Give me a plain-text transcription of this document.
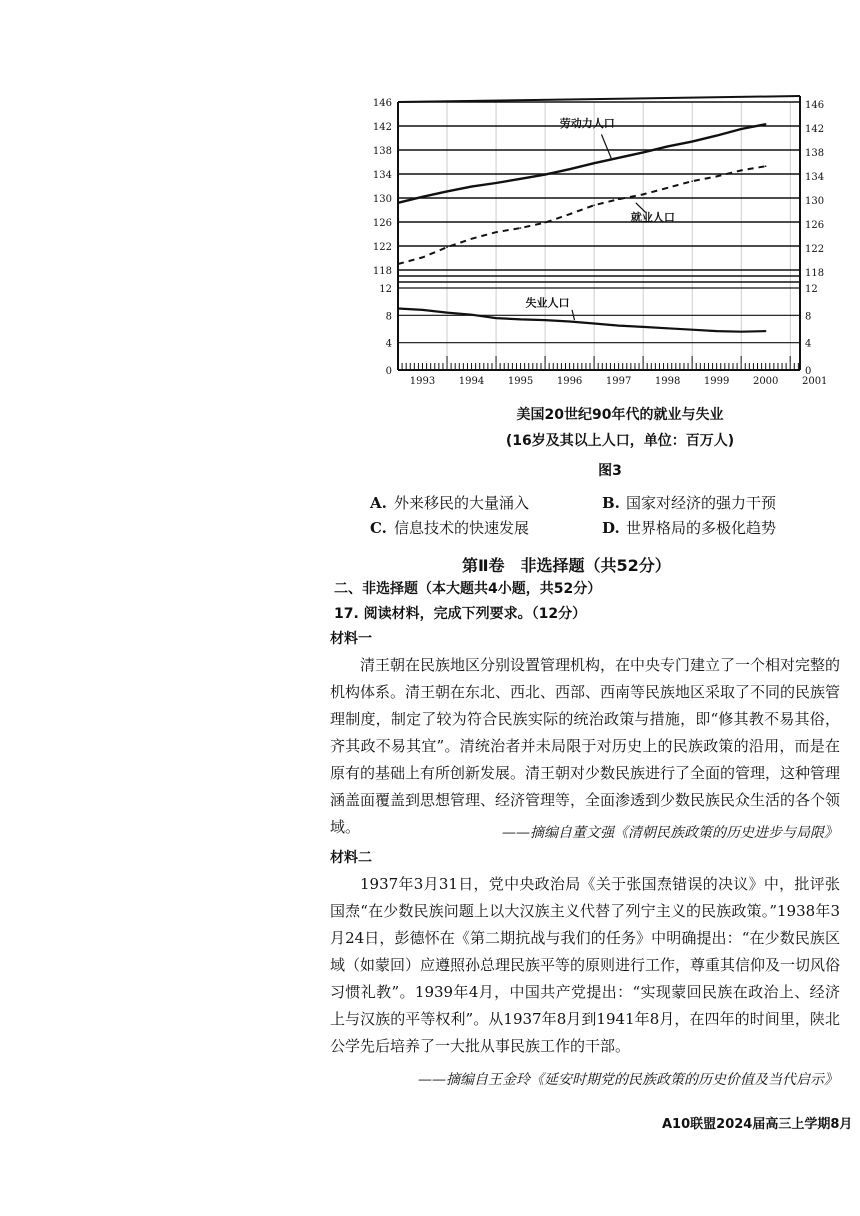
146
142
138
134
130
126
122
118
146
142
138
134
130
126
122
118
12
8
4
0
12
8
4
0
1993 1994 1995 1996 1997 1998 1999 2000 2001
劳动力人口
就业人口
失业人口
美国20世纪90年代的就业与失业
(16岁及其以上人口，单位：百万人)
图3
A. 外来移民的大量涌入	B. 国家对经济的强力干预
C. 信息技术的快速发展	D. 世界格局的多极化趋势
第Ⅱ卷　非选择题（共52分）
二、非选择题（本大题共4小题，共52分）
17. 阅读材料，完成下列要求。（12分）
材料一
清王朝在民族地区分别设置管理机构，在中央专门建立了一个相对完整的机构体系。清王朝在东北、西北、西部、西南等民族地区采取了不同的民族管理制度，制定了较为符合民族实际的统治政策与措施，即“修其教不易其俗，齐其政不易其宜”。清统治者并未局限于对历史上的民族政策的沿用，而是在原有的基础上有所创新发展。清王朝对少数民族进行了全面的管理，这种管理涵盖面覆盖到思想管理、经济管理等，全面渗透到少数民族民众生活的各个领域。	——摘编自董文强《清朝民族政策的历史进步与局限》
材料二
1937年3月31日，党中央政治局《关于张国焘错误的决议》中，批评张国焘“在少数民族问题上以大汉族主义代替了列宁主义的民族政策。”1938年3月24日，彭德怀在《第二期抗战与我们的任务》中明确提出：“在少数民族区域（如蒙回）应遵照孙总理民族平等的原则进行工作，尊重其信仰及一切风俗习惯礼教”。1939年4月，中国共产党提出：“实现蒙回民族在政治上、经济上与汉族的平等权利”。从1937年8月到1941年8月，在四年的时间里，陕北公学先后培养了一大批从事民族工作的干部。
——摘编自王金玲《延安时期党的民族政策的历史价值及当代启示》
A10联盟2024届高三上学期8月
